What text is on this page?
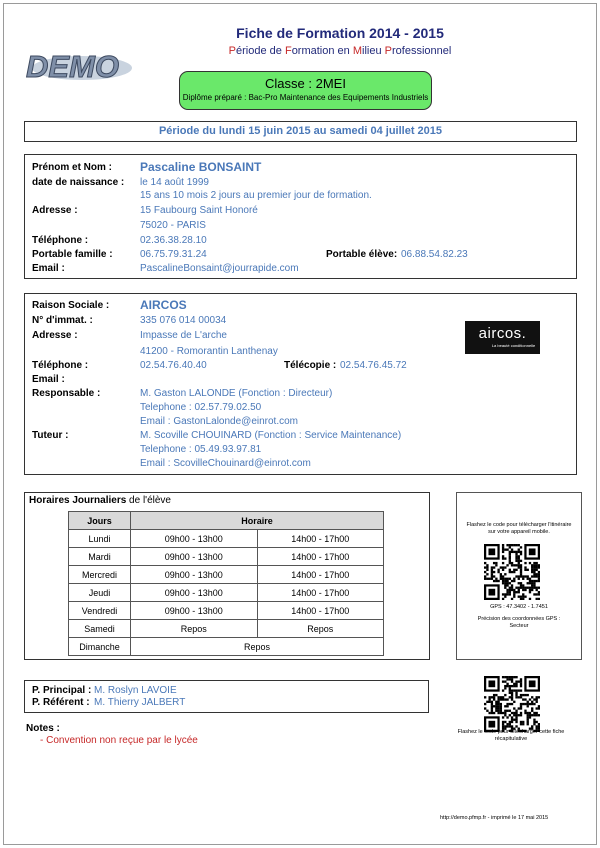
DEMO
Fiche de Formation 2014 - 2015
Période de Formation en Milieu Professionnel
Classe : 2MEI
Diplôme préparé : Bac-Pro Maintenance des Equipements Industriels
Période du lundi 15 juin 2015 au samedi 04 juillet 2015
Prénom et Nom : Pascaline BONSAINT
date de naissance : le 14 août 1999
15 ans 10 mois 2 jours au premier jour de formation.
Adresse :	15 Faubourg Saint Honoré
75020 - PARIS
Téléphone :	02.36.38.28.10
Portable famille :	06.75.79.31.24	Portable élève: 06.88.54.82.23
Email :	PascalineBonsaint@jourrapide.com
Raison Sociale :	AIRCOS
N° d'immat. :	335 076 014 00034
Adresse :	Impasse de L'arche
41200 - Romorantin Lanthenay
Téléphone :	02.54.76.40.40	Télécopie : 02.54.76.45.72
Email :
Responsable :	M. Gaston LALONDE (Fonction : Directeur)
Telephone : 02.57.79.02.50
Email : GastonLalonde@einrot.com
Tuteur :	M. Scoville CHOUINARD (Fonction : Service Maintenance)
Telephone : 05.49.93.97.81
Email : ScovilleChouinard@einrot.com
aircos.
La beauté conditionnelle
Horaires Journaliers de l'élève
Jours	Horaire	
Lundi	09h00 - 13h00	14h00 - 17h00
Mardi	09h00 - 13h00	14h00 - 17h00
Mercredi	09h00 - 13h00	14h00 - 17h00
Jeudi	09h00 - 13h00	14h00 - 17h00
Vendredi	09h00 - 13h00	14h00 - 17h00
Samedi	Repos	Repos
Dimanche	Repos	
Flashez le code pour télécharger l'itinéraire sur votre appareil mobile.
GPS : 47.3402 - 1.7451
Précision des coordonnées GPS : Secteur
P. Principal : M. Roslyn LAVOIE
P. Référent : M. Thierry JALBERT
Flashez le code pour télécharger cette fiche récapitulative
Notes :
- Convention non reçue par le lycée
http://demo.pfmp.fr - imprimé le 17 mai 2015
